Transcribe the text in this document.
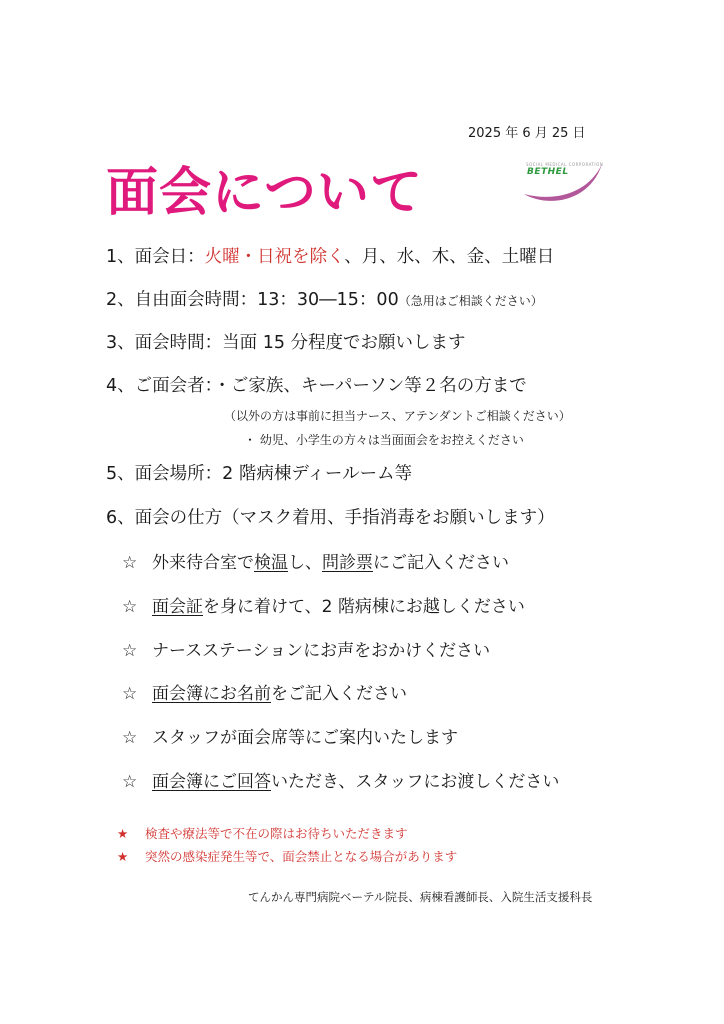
2025 年 6 月 25 日
面会について	SOCIAL MEDICAL CORPORATION
BETHEL
1、面会日：火曜・日祝を除く、月、水、木、金、土曜日
2、自由面会時間：13：30―15：00（急用はご相談ください）
3、面会時間：当面 15 分程度でお願いします
4、ご面会者：・ご家族、キーパーソン等２名の方まで
（以外の方は事前に担当ナース、アテンダントご相談ください）
・ 幼児、小学生の方々は当面面会をお控えください
5、面会場所：2 階病棟ディールーム等
6、面会の仕方（マスク着用、手指消毒をお願いします）
☆ 外来待合室で検温し、問診票にご記入ください
☆ 面会証を身に着けて、2 階病棟にお越しください
☆ ナースステーションにお声をおかけください
☆ 面会簿にお名前をご記入ください
☆ スタッフが面会席等にご案内いたします
☆ 面会簿にご回答いただき、スタッフにお渡しください
★ 検査や療法等で不在の際はお待ちいただきます
★ 突然の感染症発生等で、面会禁止となる場合があります
てんかん専門病院ベーテル院長、病棟看護師長、入院生活支援科長
